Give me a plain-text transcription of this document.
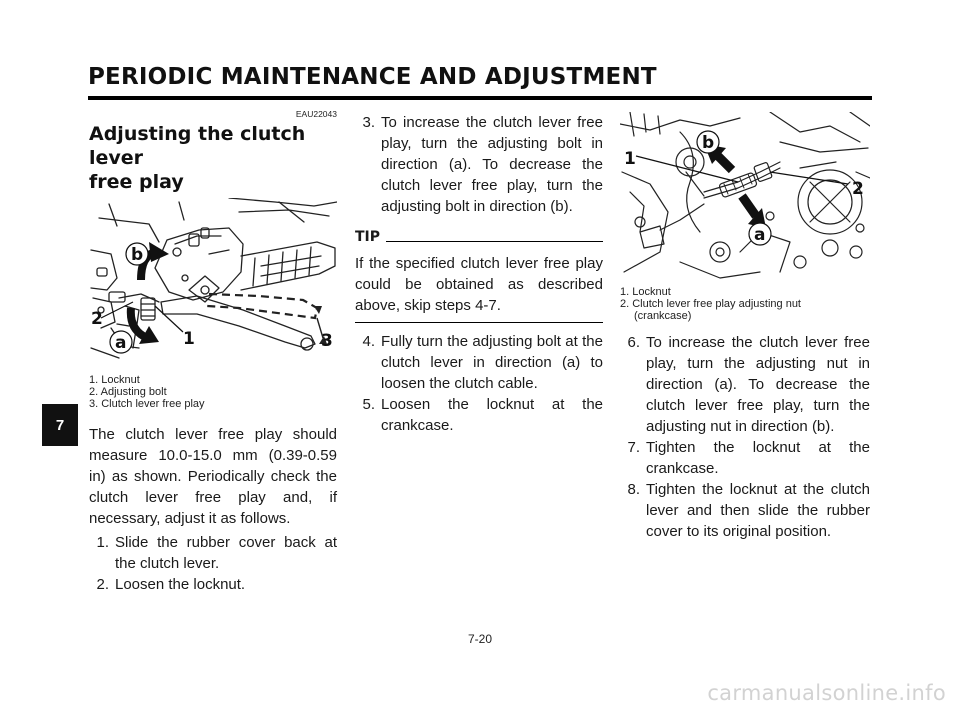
PERIODIC MAINTENANCE AND ADJUSTMENT
7
EAU22043
Adjusting the clutch lever
free play
b
2
a	1	3
1. Locknut
2. Adjusting bolt
3. Clutch lever free play
The clutch lever free play should measure 10.0-15.0 mm (0.39-0.59 in) as shown. Periodically check the clutch lever free play and, if necessary, adjust it as follows.
1. Slide the rubber cover back at the clutch lever.
2. Loosen the locknut.
3. To increase the clutch lever free play, turn the adjusting bolt in direction (a). To decrease the clutch lever free play, turn the adjusting bolt in direction (b).
TIP
If the specified clutch lever free play could be obtained as described above, skip steps 4-7.
4. Fully turn the adjusting bolt at the clutch lever in direction (a) to loosen the clutch cable.
5. Loosen the locknut at the crankcase.
b
1
2
a
1. Locknut
2. Clutch lever free play adjusting nut
(crankcase)
6. To increase the clutch lever free play, turn the adjusting nut in direction (a). To decrease the clutch lever free play, turn the adjusting nut in direction (b).
7. Tighten the locknut at the crankcase.
8. Tighten the locknut at the clutch lever and then slide the rubber cover to its original position.
7-20
carmanualsonline.info
